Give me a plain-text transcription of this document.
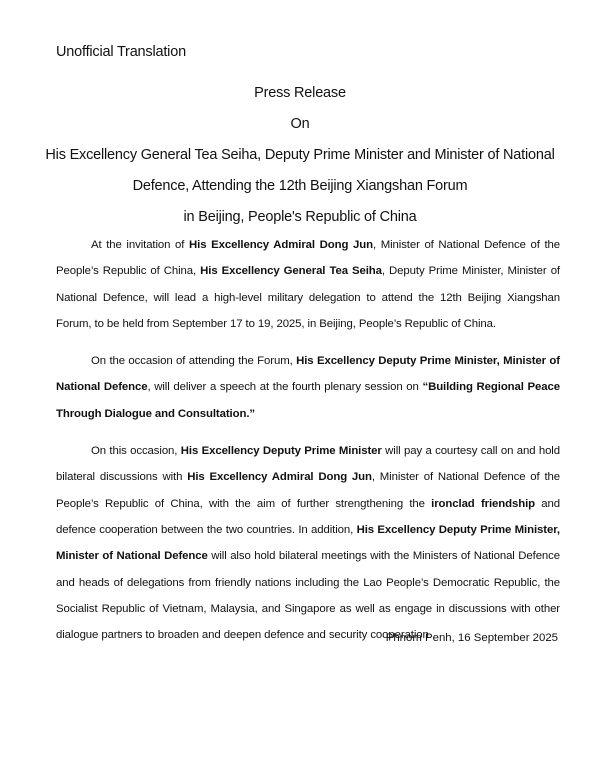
Unofficial Translation
Press Release
On
His Excellency General Tea Seiha, Deputy Prime Minister and Minister of National
Defence, Attending the 12th Beijing Xiangshan Forum
in Beijing, People's Republic of China

At the invitation of His Excellency Admiral Dong Jun, Minister of National Defence of the People’s Republic of China, His Excellency General Tea Seiha, Deputy Prime Minister, Minister of National Defence, will lead a high-level military delegation to attend the 12th Beijing Xiangshan Forum, to be held from September 17 to 19, 2025, in Beijing, People’s Republic of China.

On the occasion of attending the Forum, His Excellency Deputy Prime Minister, Minister of National Defence, will deliver a speech at the fourth plenary session on “Building Regional Peace Through Dialogue and Consultation.”

On this occasion, His Excellency Deputy Prime Minister will pay a courtesy call on and hold bilateral discussions with His Excellency Admiral Dong Jun, Minister of National Defence of the People’s Republic of China, with the aim of further strengthening the ironclad friendship and defence cooperation between the two countries. In addition, His Excellency Deputy Prime Minister, Minister of National Defence will also hold bilateral meetings with the Ministers of National Defence and heads of delegations from friendly nations including the Lao People’s Democratic Republic, the Socialist Republic of Vietnam, Malaysia, and Singapore as well as engage in discussions with other dialogue partners to broaden and deepen defence and security cooperation.

Phnom Penh, 16 September 2025
